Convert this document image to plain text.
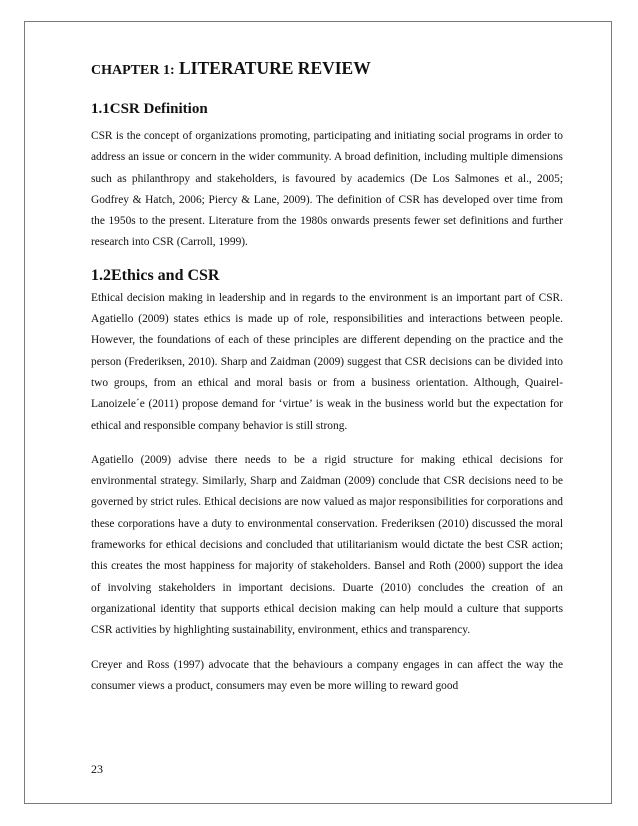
CHAPTER 1: LITERATURE REVIEW
1.1CSR Definition

CSR is the concept of organizations promoting, participating and initiating social programs in order to address an issue or concern in the wider community. A broad definition, including multiple dimensions such as philanthropy and stakeholders, is favoured by academics (De Los Salmones et al., 2005; Godfrey & Hatch, 2006; Piercy & Lane, 2009). The definition of CSR has developed over time from the 1950s to the present. Literature from the 1980s onwards presents fewer set definitions and further research into CSR (Carroll, 1999).

1.2Ethics and CSR

Ethical decision making in leadership and in regards to the environment is an important part of CSR. Agatiello (2009) states ethics is made up of role, responsibilities and interactions between people. However, the foundations of each of these principles are different depending on the practice and the person (Frederiksen, 2010). Sharp and Zaidman (2009) suggest that CSR decisions can be divided into two groups, from an ethical and moral basis or from a business orientation. Although, Quairel-Lanoizele´e (2011) propose demand for ‘virtue’ is weak in the business world but the expectation for ethical and responsible company behavior is still strong.

Agatiello (2009) advise there needs to be a rigid structure for making ethical decisions for environmental strategy. Similarly, Sharp and Zaidman (2009) conclude that CSR decisions need to be governed by strict rules. Ethical decisions are now valued as major responsibilities for corporations and these corporations have a duty to environmental conservation. Frederiksen (2010) discussed the moral frameworks for ethical decisions and concluded that utilitarianism would dictate the best CSR action; this creates the most happiness for majority of stakeholders. Bansel and Roth (2000) support the idea of involving stakeholders in important decisions. Duarte (2010) concludes the creation of an organizational identity that supports ethical decision making can help mould a culture that supports CSR activities by highlighting sustainability, environment, ethics and transparency.

Creyer and Ross (1997) advocate that the behaviours a company engages in can affect the way the consumer views a product, consumers may even be more willing to reward good

23
